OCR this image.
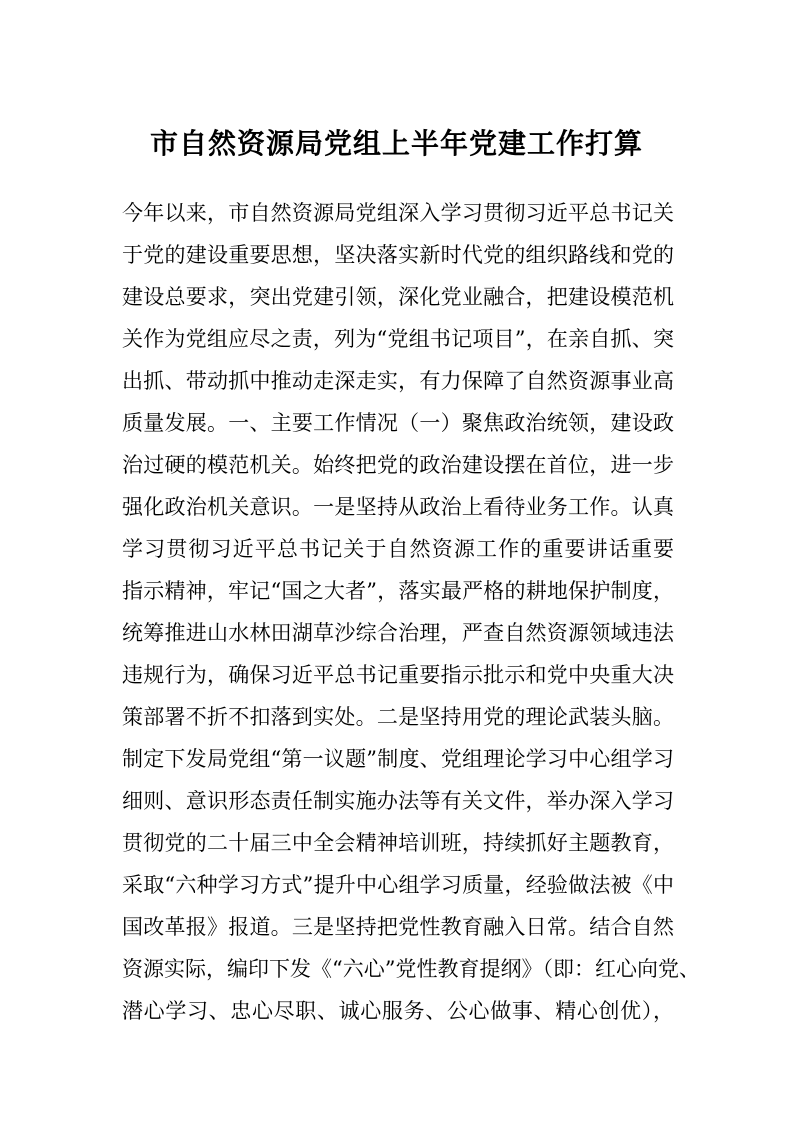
市自然资源局党组上半年党建工作打算
今年以来，市自然资源局党组深入学习贯彻习近平总书记关
于党的建设重要思想，坚决落实新时代党的组织路线和党的
建设总要求，突出党建引领，深化党业融合，把建设模范机
关作为党组应尽之责，列为“党组书记项目”，在亲自抓、突
出抓、带动抓中推动走深走实，有力保障了自然资源事业高
质量发展。一、主要工作情况（一）聚焦政治统领，建设政
治过硬的模范机关。始终把党的政治建设摆在首位，进一步
强化政治机关意识。一是坚持从政治上看待业务工作。认真
学习贯彻习近平总书记关于自然资源工作的重要讲话重要
指示精神，牢记“国之大者”，落实最严格的耕地保护制度，
统筹推进山水林田湖草沙综合治理，严查自然资源领域违法
违规行为，确保习近平总书记重要指示批示和党中央重大决
策部署不折不扣落到实处。二是坚持用党的理论武装头脑。
制定下发局党组“第一议题”制度、党组理论学习中心组学习
细则、意识形态责任制实施办法等有关文件，举办深入学习
贯彻党的二十届三中全会精神培训班，持续抓好主题教育，
采取“六种学习方式”提升中心组学习质量，经验做法被《中
国改革报》报道。三是坚持把党性教育融入日常。结合自然
资源实际，编印下发《“六心”党性教育提纲》（即：红心向党、
潜心学习、忠心尽职、诚心服务、公心做事、精心创优），
